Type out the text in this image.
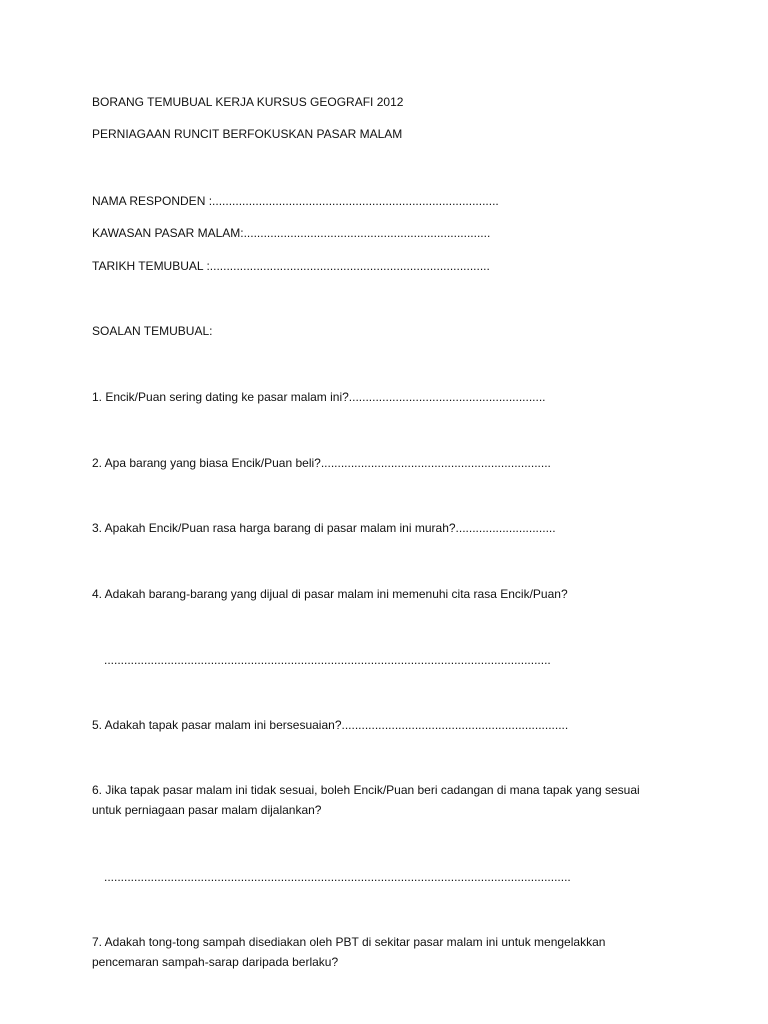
BORANG TEMUBUAL KERJA KURSUS GEOGRAFI 2012
PERNIAGAAN RUNCIT BERFOKUSKAN PASAR MALAM
NAMA RESPONDEN :......................................................................................
KAWASAN PASAR MALAM:..........................................................................
TARIKH TEMUBUAL :....................................................................................
SOALAN TEMUBUAL:
1. Encik/Puan sering dating ke pasar malam ini?...........................................................
2. Apa barang yang biasa Encik/Puan beli?.....................................................................
3. Apakah Encik/Puan rasa harga barang di pasar malam ini murah?..............................
4. Adakah barang-barang yang dijual di pasar malam ini memenuhi cita rasa Encik/Puan?
......................................................................................................................................
5. Adakah tapak pasar malam ini bersesuaian?....................................................................
6. Jika tapak pasar malam ini tidak sesuai, boleh Encik/Puan beri cadangan di mana tapak yang sesuai untuk perniagaan pasar malam dijalankan?
............................................................................................................................................
7. Adakah tong-tong sampah disediakan oleh PBT di sekitar pasar malam ini untuk mengelakkan pencemaran sampah-sarap daripada berlaku?
